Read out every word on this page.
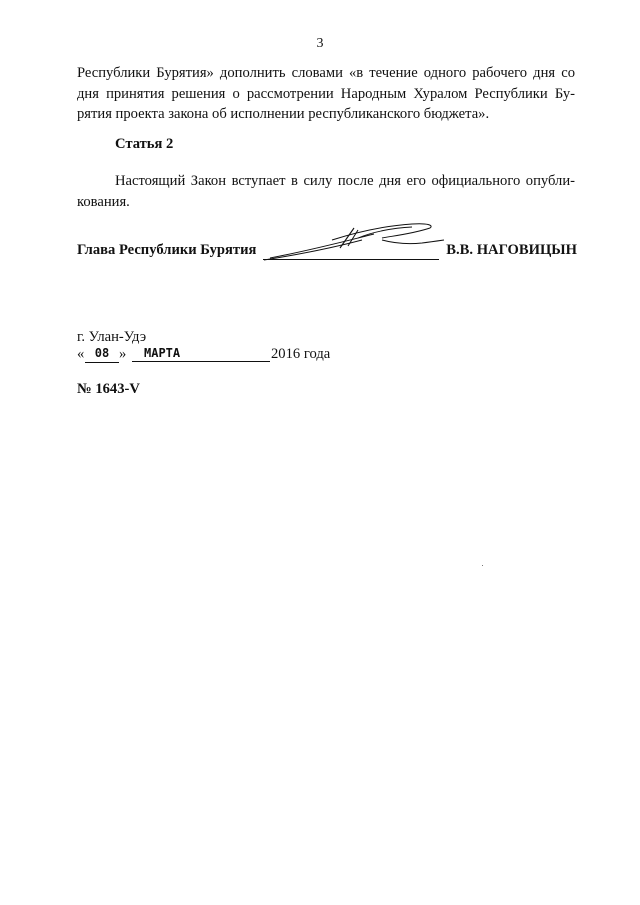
3
Республики Бурятия» дополнить словами «в течение одного рабочего дня со
дня принятия решения о рассмотрении Народным Хуралом Республики Бу-
рятия проекта закона об исполнении республиканского бюджета».
Статья 2
Настоящий Закон вступает в силу после дня его официального опубли-
кования.
Глава Республики Бурятия	В.В. НАГОВИЦЫН
г. Улан-Удэ
« 08 »	МАРТА	2016 года
№ 1643-V
